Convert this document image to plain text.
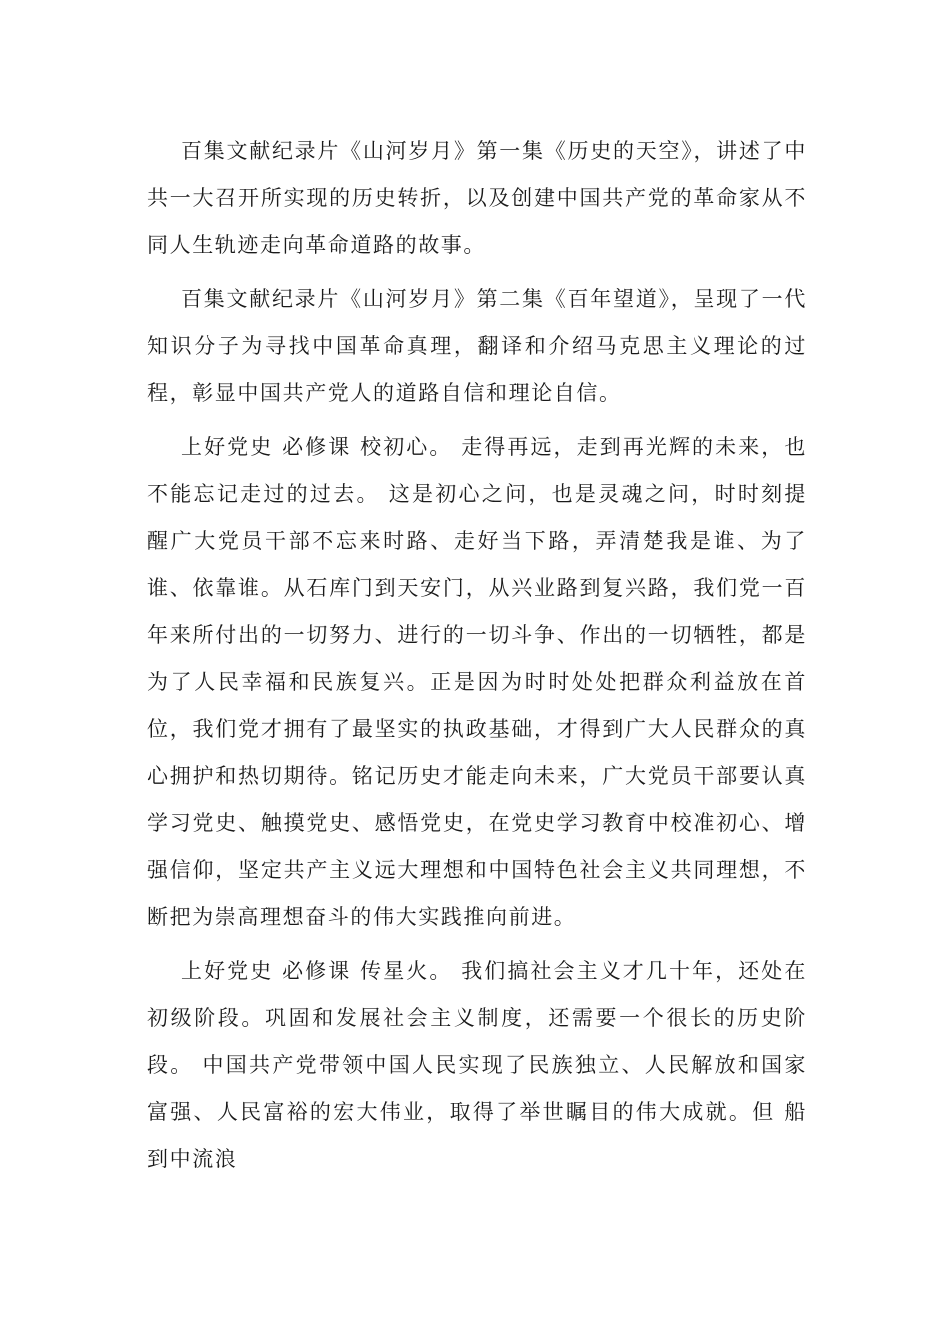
百集文献纪录片《山河岁月》第一集《历史的天空》，讲述了中共一大召开所实现的历史转折，以及创建中国共产党的革命家从不同人生轨迹走向革命道路的故事。

百集文献纪录片《山河岁月》第二集《百年望道》，呈现了一代知识分子为寻找中国革命真理，翻译和介绍马克思主义理论的过程，彰显中国共产党人的道路自信和理论自信。

上好党史 必修课 校初心。 走得再远，走到再光辉的未来，也不能忘记走过的过去。 这是初心之问，也是灵魂之问，时时刻提醒广大党员干部不忘来时路、走好当下路，弄清楚我是谁、为了谁、依靠谁。从石库门到天安门，从兴业路到复兴路，我们党一百年来所付出的一切努力、进行的一切斗争、作出的一切牺牲，都是为了人民幸福和民族复兴。正是因为时时处处把群众利益放在首位，我们党才拥有了最坚实的执政基础，才得到广大人民群众的真心拥护和热切期待。铭记历史才能走向未来，广大党员干部要认真学习党史、触摸党史、感悟党史，在党史学习教育中校准初心、增强信仰，坚定共产主义远大理想和中国特色社会主义共同理想，不断把为崇高理想奋斗的伟大实践推向前进。

上好党史 必修课 传星火。 我们搞社会主义才几十年，还处在初级阶段。巩固和发展社会主义制度，还需要一个很长的历史阶段。 中国共产党带领中国人民实现了民族独立、人民解放和国家富强、人民富裕的宏大伟业，取得了举世瞩目的伟大成就。但 船到中流浪
